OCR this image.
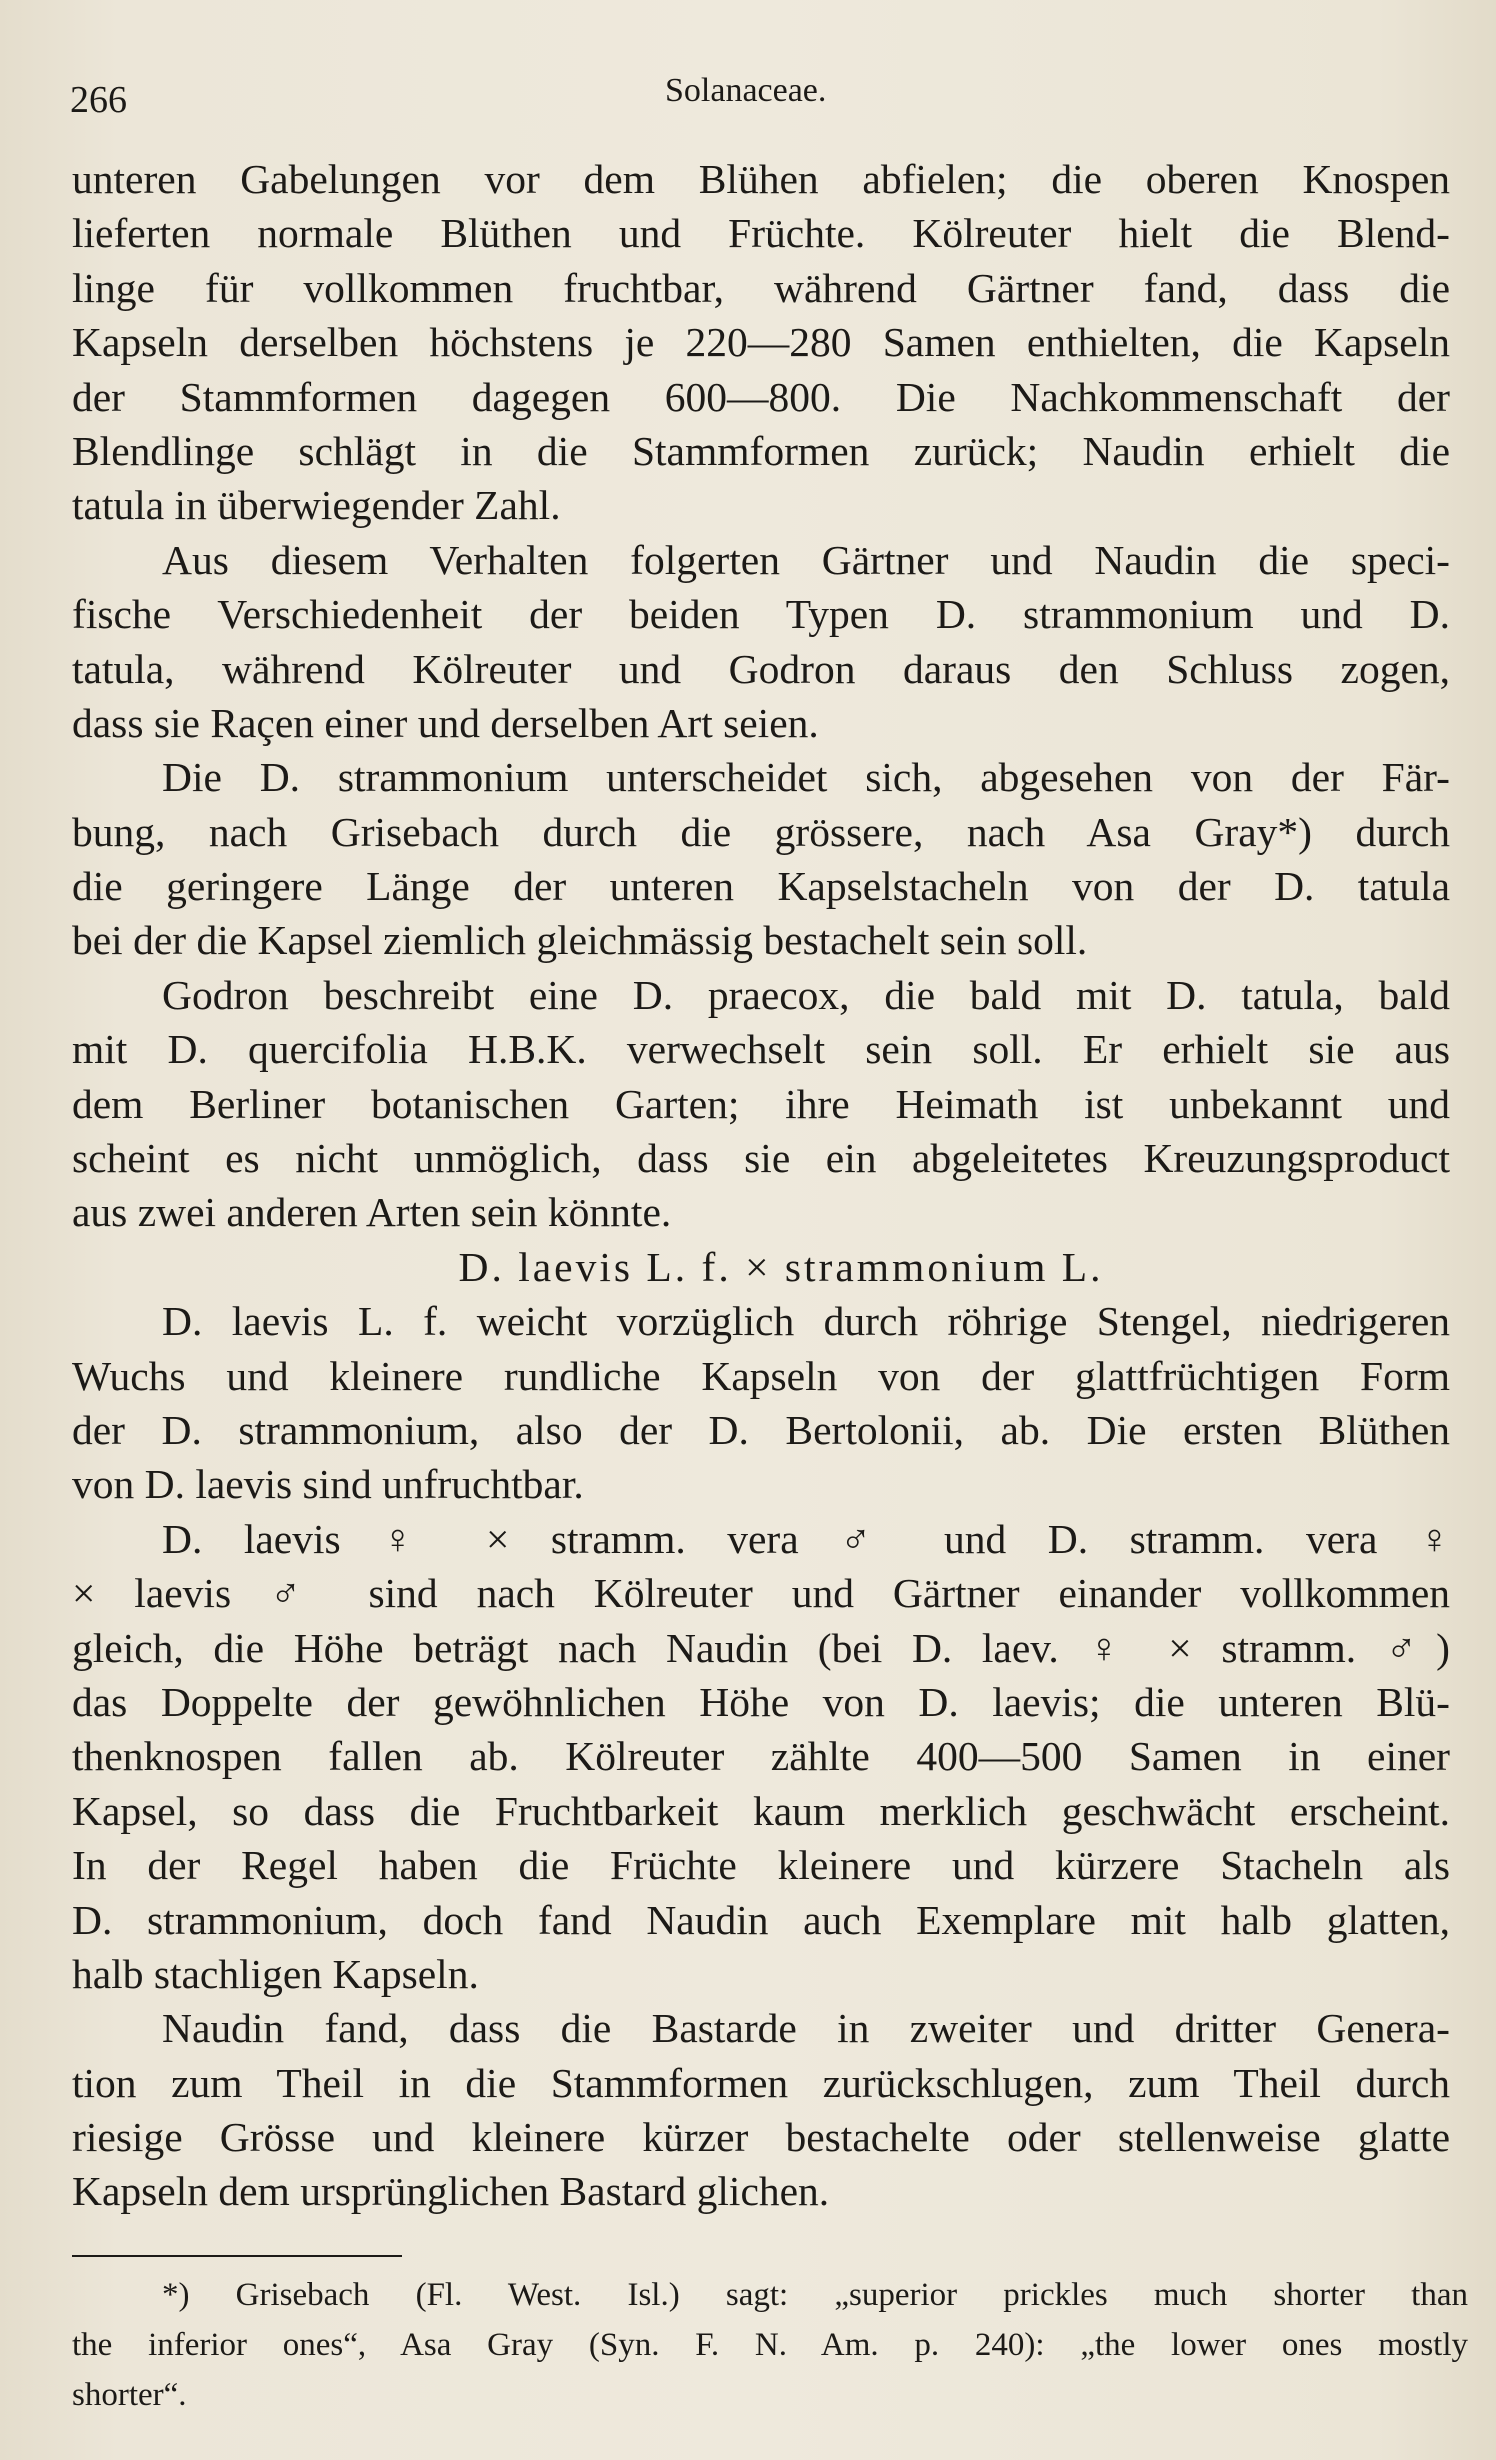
266	Solanaceae.
unteren Gabelungen vor dem Blühen abfielen; die oberen Knospen
lieferten normale Blüthen und Früchte. Kölreuter hielt die Blend-
linge für vollkommen fruchtbar, während Gärtner fand, dass die
Kapseln derselben höchstens je 220—280 Samen enthielten, die Kapseln
der Stammformen dagegen 600—800. Die Nachkommenschaft der
Blendlinge schlägt in die Stammformen zurück; Naudin erhielt die
tatula in überwiegender Zahl.
Aus diesem Verhalten folgerten Gärtner und Naudin die speci-
fische Verschiedenheit der beiden Typen D. strammonium und D.
tatula, während Kölreuter und Godron daraus den Schluss zogen,
dass sie Raçen einer und derselben Art seien.
Die D. strammonium unterscheidet sich, abgesehen von der Fär-
bung, nach Grisebach durch die grössere, nach Asa Gray*) durch
die geringere Länge der unteren Kapselstacheln von der D. tatula
bei der die Kapsel ziemlich gleichmässig bestachelt sein soll.
Godron beschreibt eine D. praecox, die bald mit D. tatula, bald
mit D. quercifolia H.B.K. verwechselt sein soll. Er erhielt sie aus
dem Berliner botanischen Garten; ihre Heimath ist unbekannt und
scheint es nicht unmöglich, dass sie ein abgeleitetes Kreuzungsproduct
aus zwei anderen Arten sein könnte.
D. laevis L. f. × strammonium L.
D. laevis L. f. weicht vorzüglich durch röhrige Stengel, niedrigeren
Wuchs und kleinere rundliche Kapseln von der glattfrüchtigen Form
der D. strammonium, also der D. Bertolonii, ab. Die ersten Blüthen
von D. laevis sind unfruchtbar.
D. laevis ♀ × stramm. vera ♂ und D. stramm. vera ♀
× laevis ♂ sind nach Kölreuter und Gärtner einander vollkommen
gleich, die Höhe beträgt nach Naudin (bei D. laev. ♀ × stramm. ♂)
das Doppelte der gewöhnlichen Höhe von D. laevis; die unteren Blü-
thenknospen fallen ab. Kölreuter zählte 400—500 Samen in einer
Kapsel, so dass die Fruchtbarkeit kaum merklich geschwächt erscheint.
In der Regel haben die Früchte kleinere und kürzere Stacheln als
D. strammonium, doch fand Naudin auch Exemplare mit halb glatten,
halb stachligen Kapseln.
Naudin fand, dass die Bastarde in zweiter und dritter Genera-
tion zum Theil in die Stammformen zurückschlugen, zum Theil durch
riesige Grösse und kleinere kürzer bestachelte oder stellenweise glatte
Kapseln dem ursprünglichen Bastard glichen.
*) Grisebach (Fl. West. Isl.) sagt: „superior prickles much shorter than
the inferior ones“, Asa Gray (Syn. F. N. Am. p. 240): „the lower ones mostly
shorter“.
